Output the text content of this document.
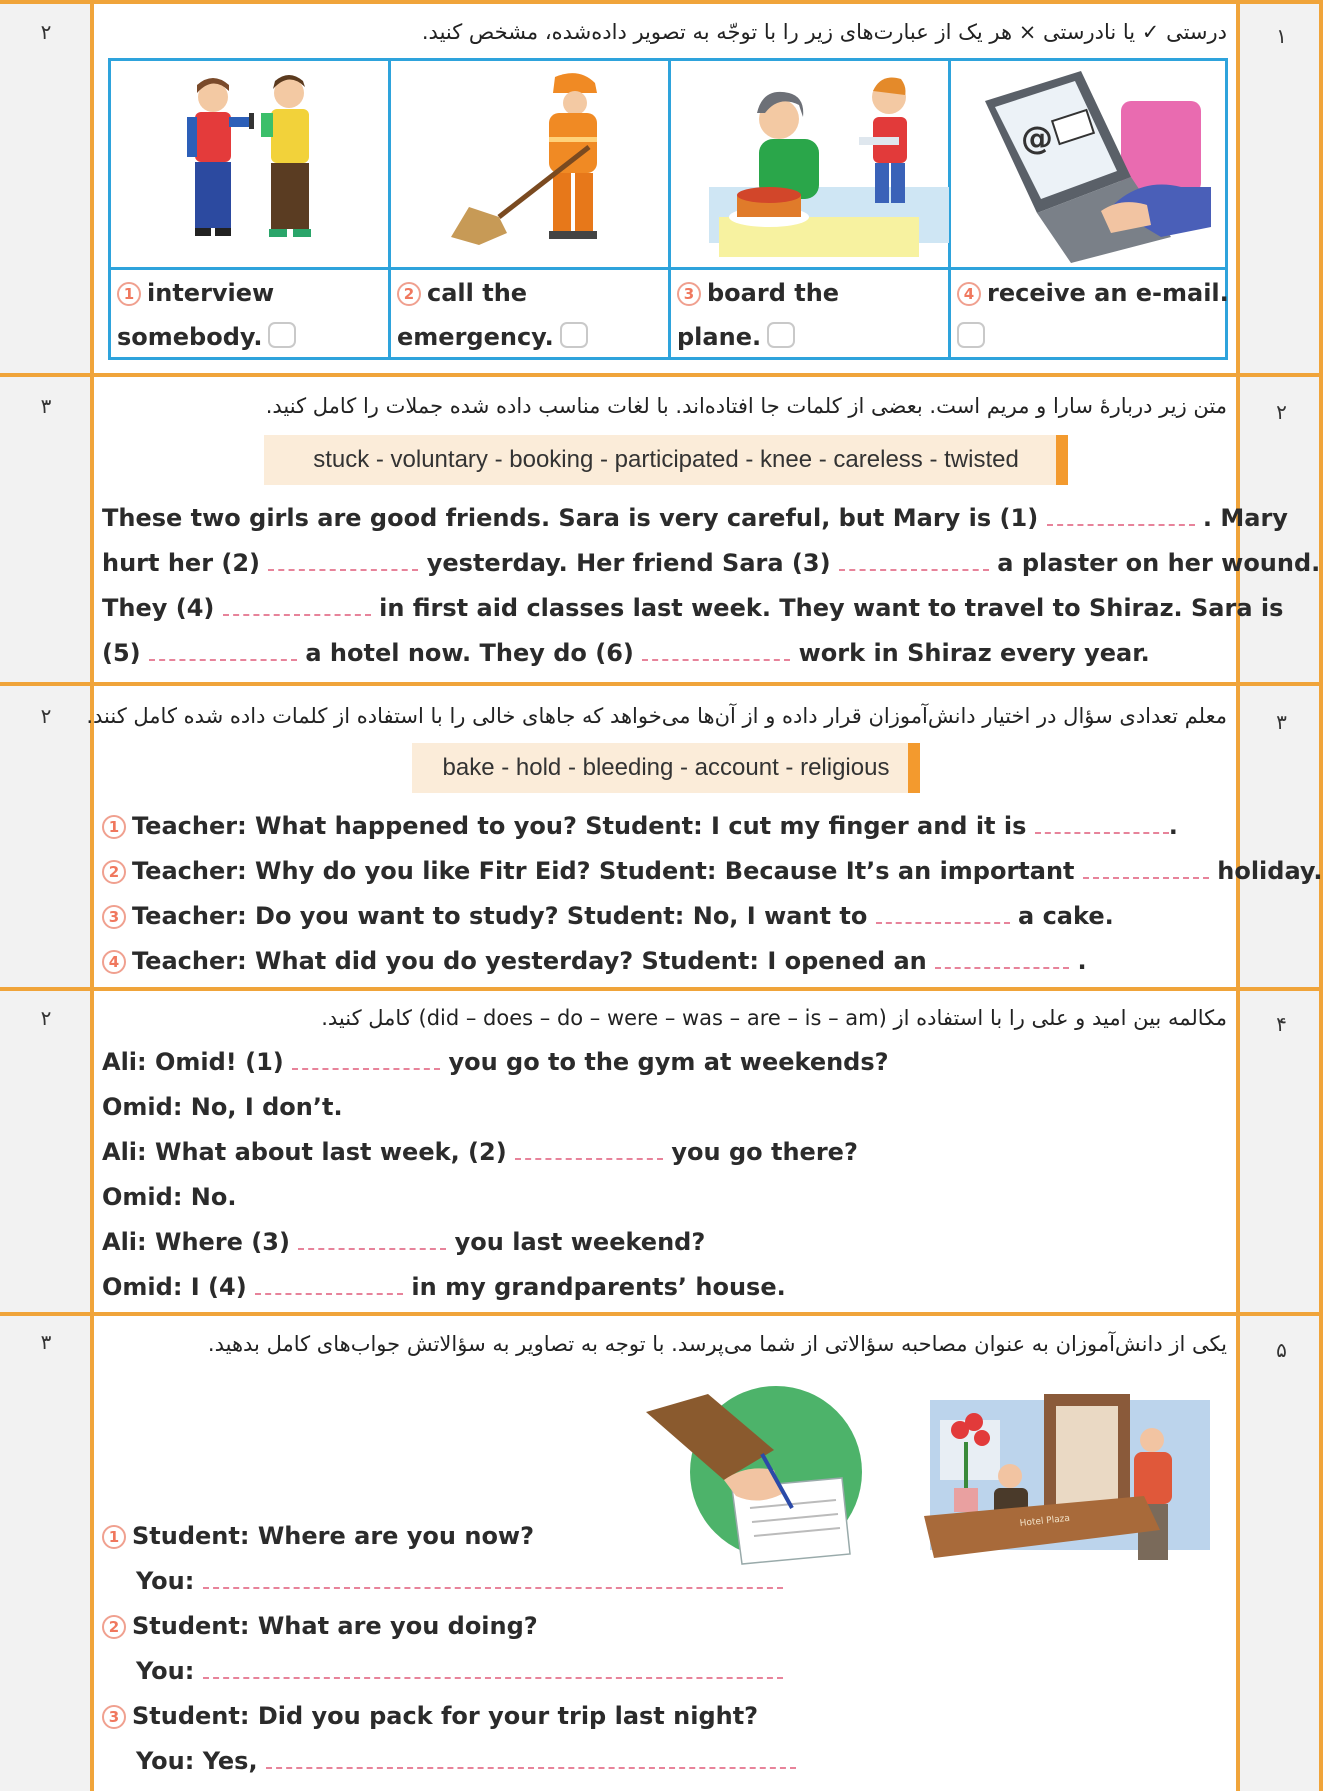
۲
۳
۲
۲
۳
۱
۲
۳
۴
۵
درستی ✓ یا نادرستی × هر یک از عبارت‌های زیر را با توجّه به تصویر داده‌شده، مشخص کنید.
@
1 interview
somebody.
2 call the
emergency.
3 board the
plane.
4 receive an e-mail.
متن زیر دربارهٔ سارا و مریم است. بعضی از کلمات جا افتاده‌اند. با لغات مناسب داده شده جملات را کامل کنید.
stuck - voluntary - booking - participated - knee - careless - twisted
These two girls are good friends. Sara is very careful, but Mary is (1)	. Mary
hurt her (2)	yesterday. Her friend Sara (3)	a plaster on her wound.
They (4)	in first aid classes last week. They want to travel to Shiraz. Sara is
(5)	a hotel now. They do (6)	work in Shiraz every year.
معلم تعدادی سؤال در اختیار دانش‌آموزان قرار داده و از آن‌ها می‌خواهد که جاهای خالی را با استفاده از کلمات داده شده کامل کنند.
bake - hold - bleeding - account - religious
1 Teacher: What happened to you? Student: I cut my finger and it is	.
2 Teacher: Why do you like Fitr Eid? Student: Because It’s an important	holiday.
3 Teacher: Do you want to study? Student: No, I want to	a cake.
4 Teacher: What did you do yesterday? Student: I opened an	.
مکالمه بین امید و علی را با استفاده از (did – does – do – were – was – are – is – am) کامل کنید.
Ali: Omid! (1)	you go to the gym at weekends?
Omid: No, I don’t.
Ali: What about last week, (2)	you go there?
Omid: No.
Ali: Where (3)	you last weekend?
Omid: I (4)	in my grandparents’ house.
یکی از دانش‌آموزان به عنوان مصاحبه سؤالاتی از شما می‌پرسد. با توجه به تصاویر به سؤالاتش جواب‌های کامل بدهید.
Hotel Plaza
1 Student: Where are you now?
You:
2 Student: What are you doing?
You:
3 Student: Did you pack for your trip last night?
You: Yes,
